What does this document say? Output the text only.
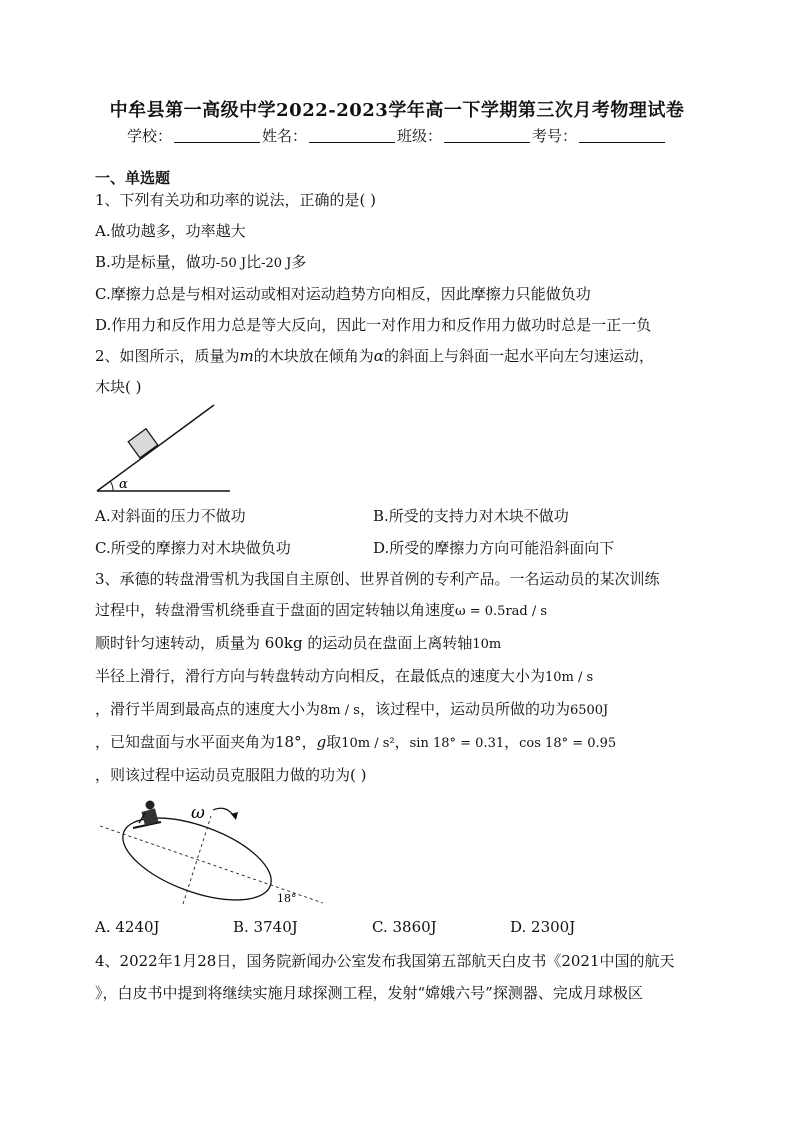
中牟县第一高级中学2022-2023学年高一下学期第三次月考物理试卷
学校：	姓名：	班级：	考号：
一、单选题
1、下列有关功和功率的说法，正确的是( )
A.做功越多，功率越大
B.功是标量，做功-50 J比-20 J多
C.摩擦力总是与相对运动或相对运动趋势方向相反，因此摩擦力只能做负功
D.作用力和反作用力总是等大反向，因此一对作用力和反作用力做功时总是一正一负
2、如图所示，质量为m的木块放在倾角为α的斜面上与斜面一起水平向左匀速运动，
木块( )
α
A.对斜面的压力不做功	B.所受的支持力对木块不做功
C.所受的摩擦力对木块做负功	D.所受的摩擦力方向可能沿斜面向下
3、承德的转盘滑雪机为我国自主原创、世界首例的专利产品。一名运动员的某次训练
过程中，转盘滑雪机绕垂直于盘面的固定转轴以角速度ω = 0.5rad / s
顺时针匀速转动，质量为 60kg 的运动员在盘面上离转轴10m
半径上滑行，滑行方向与转盘转动方向相反，在最低点的速度大小为10m / s
，滑行半周到最高点的速度大小为8m / s，该过程中，运动员所做的功为6500J
，已知盘面与水平面夹角为18°，g取10m / s²，sin 18° = 0.31，cos 18° = 0.95
，则该过程中运动员克服阻力做的功为( )
ω
18°
A. 4240J	B. 3740J	C. 3860J	D. 2300J
4、2022年1月28日，国务院新闻办公室发布我国第五部航天白皮书《2021中国的航天
》，白皮书中提到将继续实施月球探测工程，发射“嫦娥六号”探测器、完成月球极区
